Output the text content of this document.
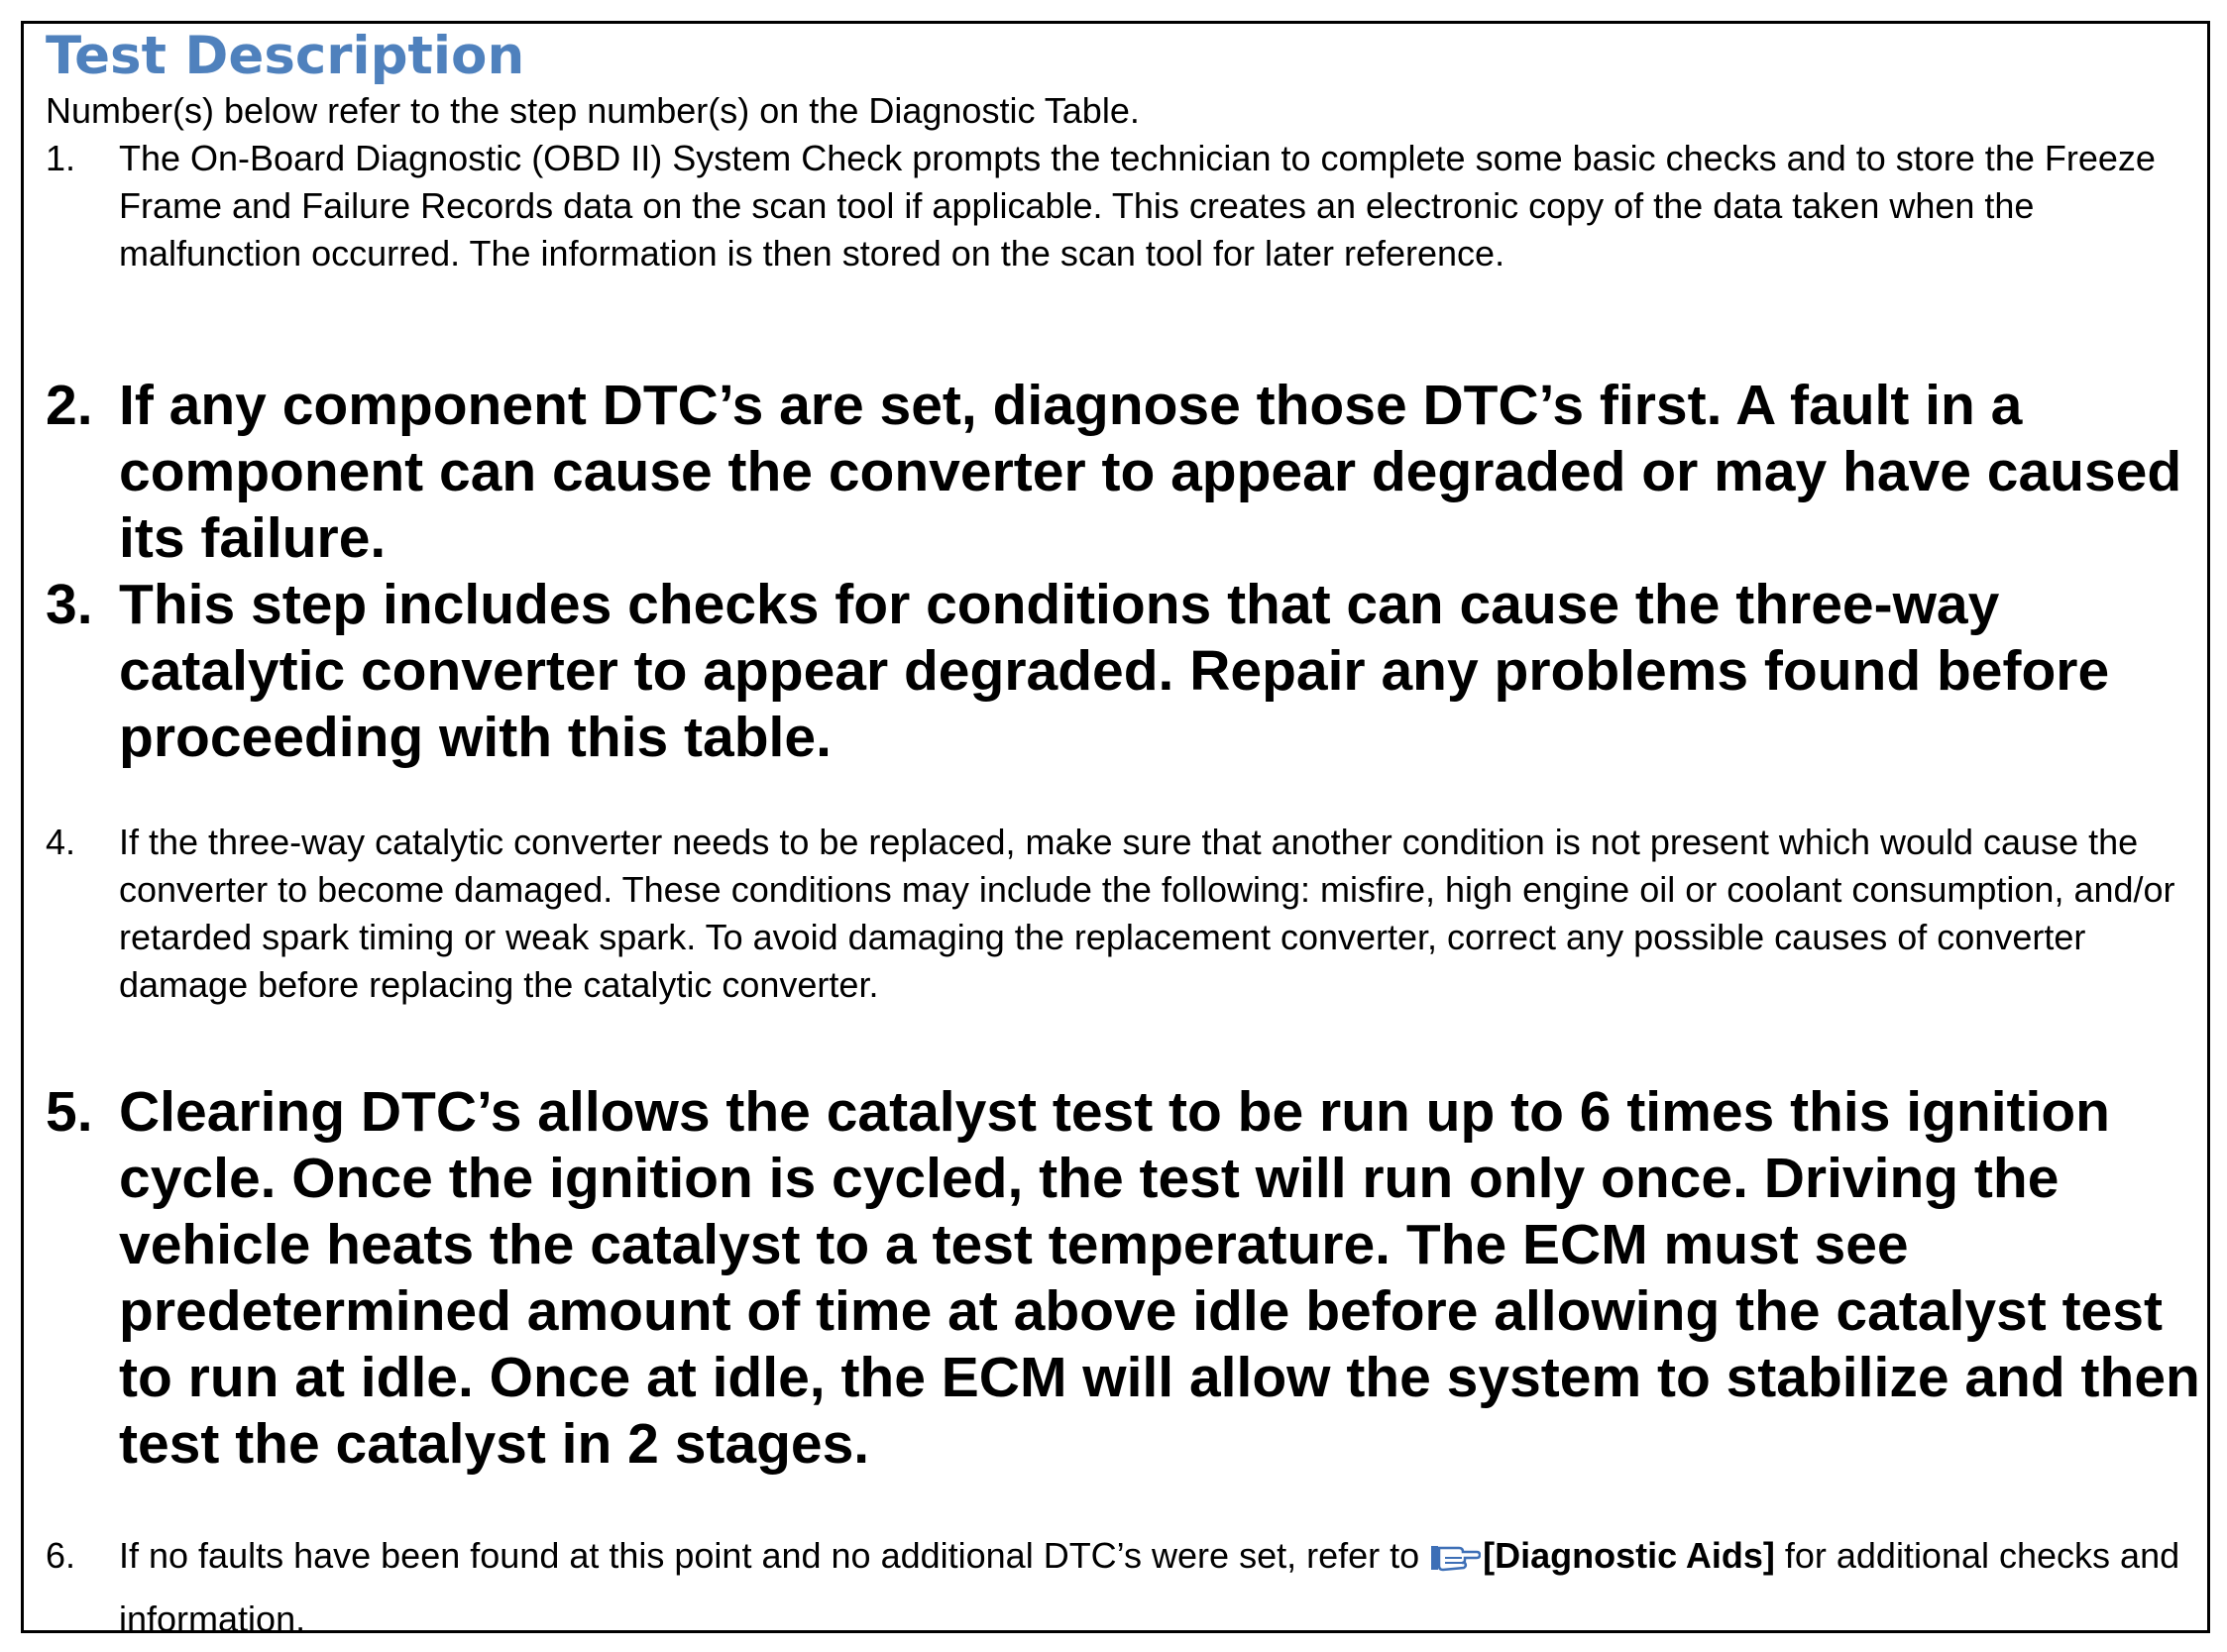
Test Description

Number(s) below refer to the step number(s) on the Diagnostic Table.

1. The On-Board Diagnostic (OBD II) System Check prompts the technician to complete some basic checks and to store the Freeze Frame and Failure Records data on the scan tool if applicable. This creates an electronic copy of the data taken when the malfunction occurred. The information is then stored on the scan tool for later reference.
2. If any component DTC’s are set, diagnose those DTC’s first. A fault in a component can cause the converter to appear degraded or may have caused its failure.
3. This step includes checks for conditions that can cause the three-way catalytic converter to appear degraded. Repair any problems found before proceeding with this table.
4. If the three-way catalytic converter needs to be replaced, make sure that another condition is not present which would cause the converter to become damaged. These conditions may include the following: misfire, high engine oil or coolant consumption, and/or retarded spark timing or weak spark. To avoid damaging the replacement converter, correct any possible causes of converter damage before replacing the catalytic converter.
5. Clearing DTC’s allows the catalyst test to be run up to 6 times this ignition cycle. Once the ignition is cycled, the test will run only once. Driving the vehicle heats the catalyst to a test temperature. The ECM must see predetermined amount of time at above idle before allowing the catalyst test to run at idle. Once at idle, the ECM will allow the system to stabilize and then test the catalyst in 2 stages.
6. If no faults have been found at this point and no additional DTC’s were set, refer to [Diagnostic Aids] for additional checks and information.
